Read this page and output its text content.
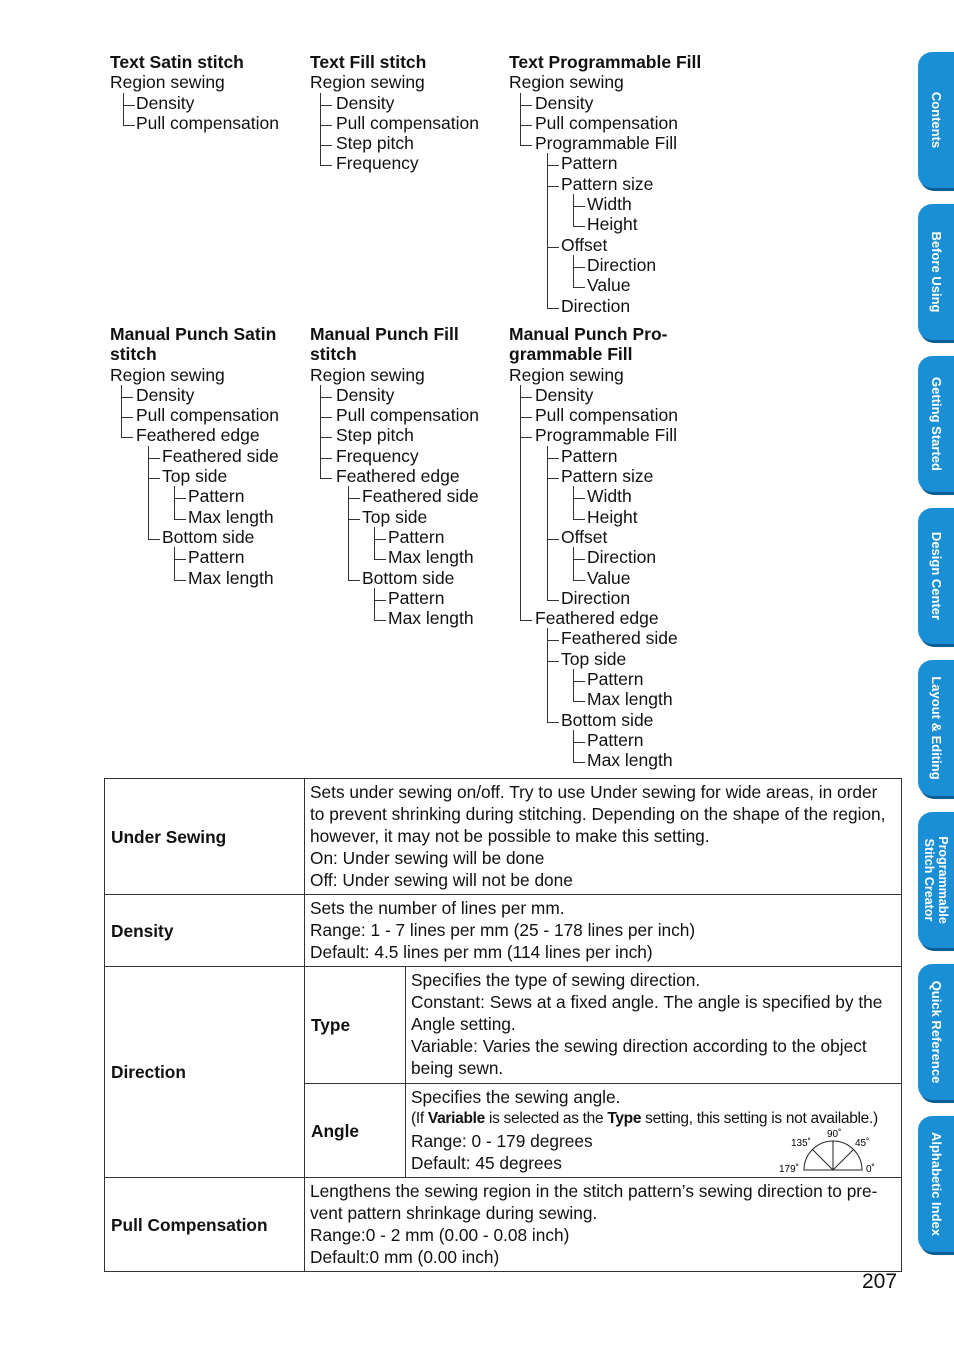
Text Satin stitch
Region sewing
Density
Pull compensation
Text Fill stitch
Region sewing
Density
Pull compensation
Step pitch
Frequency
Text Programmable Fill
Region sewing
Density
Pull compensation
Programmable Fill
Pattern
Pattern size
Width
Height
Offset
Direction
Value
Direction
Manual Punch Satin
stitch
Region sewing
Density
Pull compensation
Feathered edge
Feathered side
Top side
Pattern
Max length
Bottom side
Pattern
Max length
Manual Punch Fill
stitch
Region sewing
Density
Pull compensation
Step pitch
Frequency
Feathered edge
Feathered side
Top side
Pattern
Max length
Bottom side
Pattern
Max length
Manual Punch Pro-
grammable Fill
Region sewing
Density
Pull compensation
Programmable Fill
Pattern
Pattern size
Width
Height
Offset
Direction
Value
Direction
Feathered edge
Feathered side
Top side
Pattern
Max length
Bottom side
Pattern
Max length
Under Sewing	Sets under sewing on/off. Try to use Under sewing for wide areas, in order to prevent shrinking during stitching. Depending on the shape of the region, however, it may not be possible to make this setting.
On: Under sewing will be done
Off: Under sewing will not be done	

Density	Sets the number of lines per mm.
Range: 1 - 7 lines per mm (25 - 178 lines per inch)
Default: 4.5 lines per mm (114 lines per inch)	

Direction	Type	Specifies the type of sewing direction.
Constant: Sews at a fixed angle. The angle is specified by the Angle setting.
Variable: Varies the sewing direction according to the object being sewn.

	Angle	Specifies the sewing angle.
(If Variable is selected as the Type setting, this setting is not available.)
Range: 0 - 179 degrees
Default: 45 degrees

Pull Compensation	Lengthens the sewing region in the stitch pattern’s sewing direction to pre-vent pattern shrinkage during sewing.
Range:0 - 2 mm (0.00 - 0.08 inch)
Default:0 mm (0.00 inch)	
90˚
135˚	45˚
179˚	0˚
Contents
Before Using
Getting Started
Design Center
Layout & Editing
Programmable Stitch Creator
Quick Reference
Alphabetic Index
207
